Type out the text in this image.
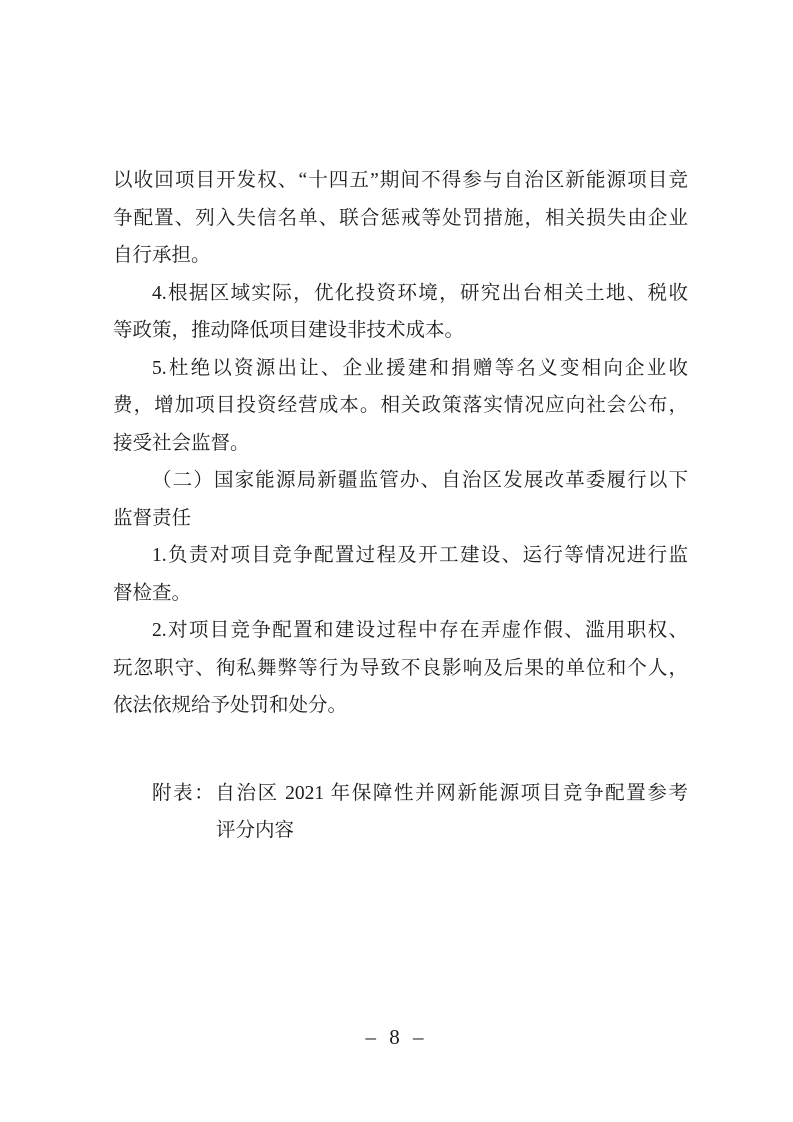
以收回项目开发权、“十四五”期间不得参与自治区新能源项目竞
争配置、列入失信名单、联合惩戒等处罚措施，相关损失由企业
自行承担。
4.根据区域实际，优化投资环境，研究出台相关土地、税收
等政策，推动降低项目建设非技术成本。
5.杜绝以资源出让、企业援建和捐赠等名义变相向企业收
费，增加项目投资经营成本。相关政策落实情况应向社会公布，
接受社会监督。
（二）国家能源局新疆监管办、自治区发展改革委履行以下
监督责任
1.负责对项目竞争配置过程及开工建设、运行等情况进行监
督检查。
2.对项目竞争配置和建设过程中存在弄虚作假、滥用职权、
玩忽职守、徇私舞弊等行为导致不良影响及后果的单位和个人，
依法依规给予处罚和处分。
附表：自治区 2021 年保障性并网新能源项目竞争配置参考
评分内容
– 8 –
